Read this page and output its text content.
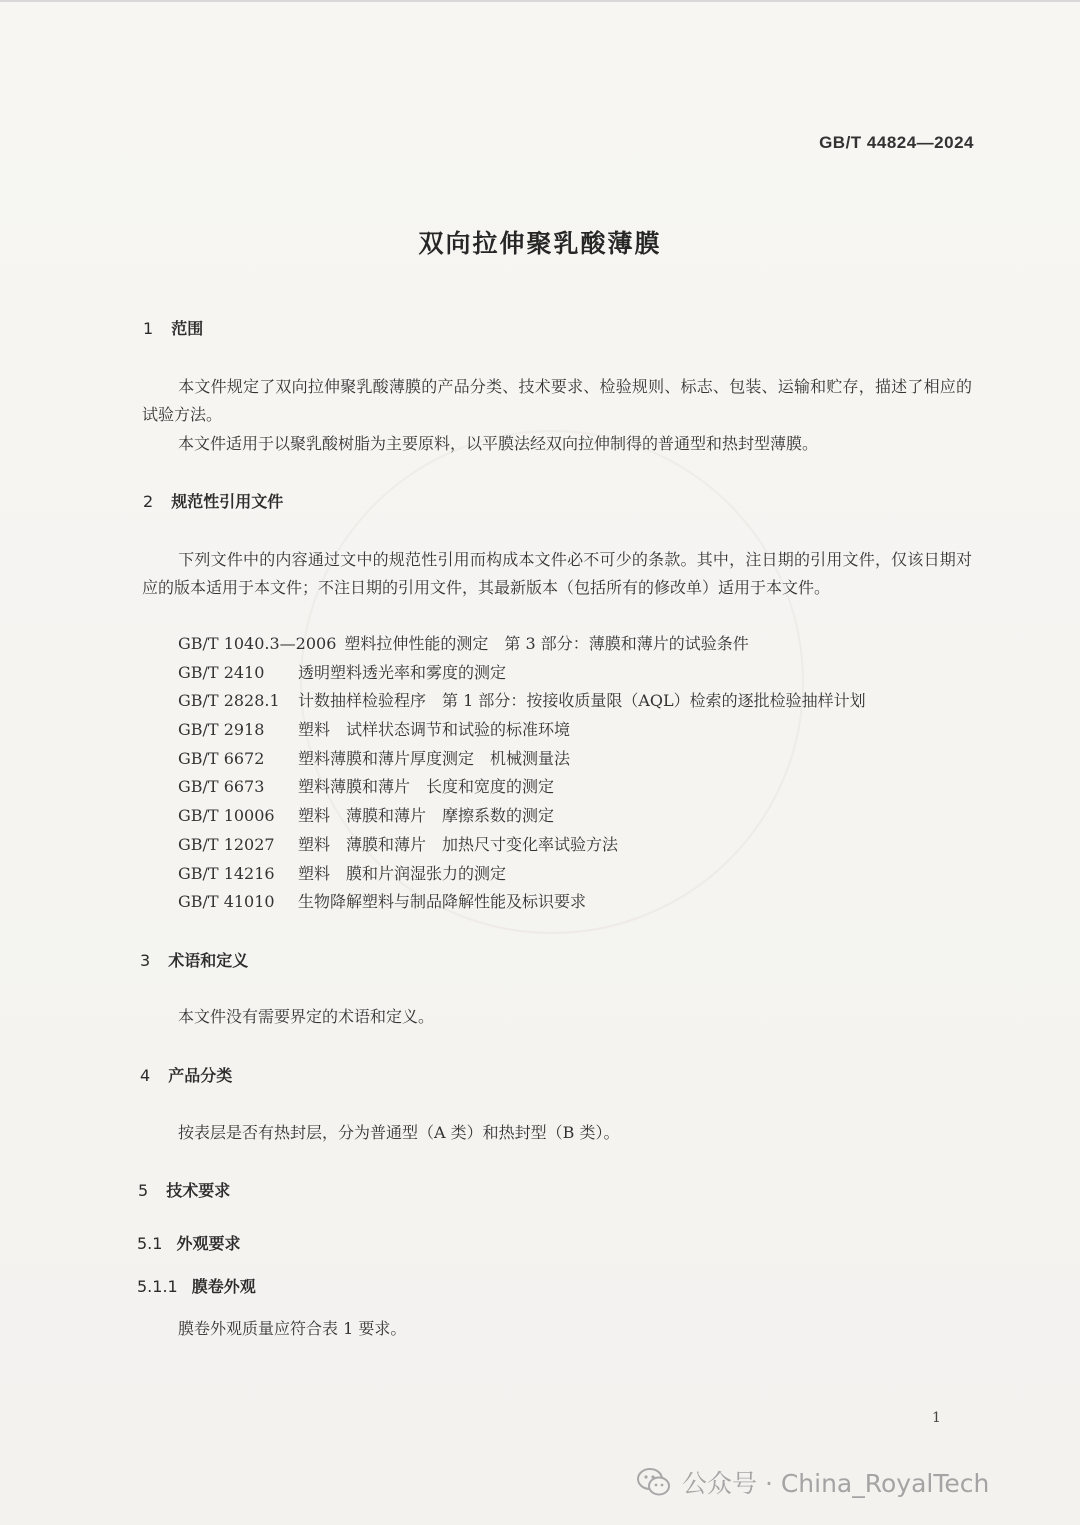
GB/T 44824—2024
双向拉伸聚乳酸薄膜
1 范围
本文件规定了双向拉伸聚乳酸薄膜的产品分类、技术要求、检验规则、标志、包装、运输和贮存，描述了相应的试验方法。
本文件适用于以聚乳酸树脂为主要原料，以平膜法经双向拉伸制得的普通型和热封型薄膜。
2 规范性引用文件
下列文件中的内容通过文中的规范性引用而构成本文件必不可少的条款。其中，注日期的引用文件，仅该日期对应的版本适用于本文件；不注日期的引用文件，其最新版本（包括所有的修改单）适用于本文件。
GB/T 1040.3—2006 塑料拉伸性能的测定　第 3 部分：薄膜和薄片的试验条件
GB/T 2410 透明塑料透光率和雾度的测定
GB/T 2828.1 计数抽样检验程序　第 1 部分：按接收质量限（AQL）检索的逐批检验抽样计划
GB/T 2918 塑料　试样状态调节和试验的标准环境
GB/T 6672 塑料薄膜和薄片厚度测定　机械测量法
GB/T 6673 塑料薄膜和薄片　长度和宽度的测定
GB/T 10006 塑料　薄膜和薄片　摩擦系数的测定
GB/T 12027 塑料　薄膜和薄片　加热尺寸变化率试验方法
GB/T 14216 塑料　膜和片润湿张力的测定
GB/T 41010 生物降解塑料与制品降解性能及标识要求
3 术语和定义
本文件没有需要界定的术语和定义。
4 产品分类
按表层是否有热封层，分为普通型（A 类）和热封型（B 类）。
5 技术要求
5.1 外观要求
5.1.1 膜卷外观
膜卷外观质量应符合表 1 要求。
1
公众号 · China_RoyalTech
